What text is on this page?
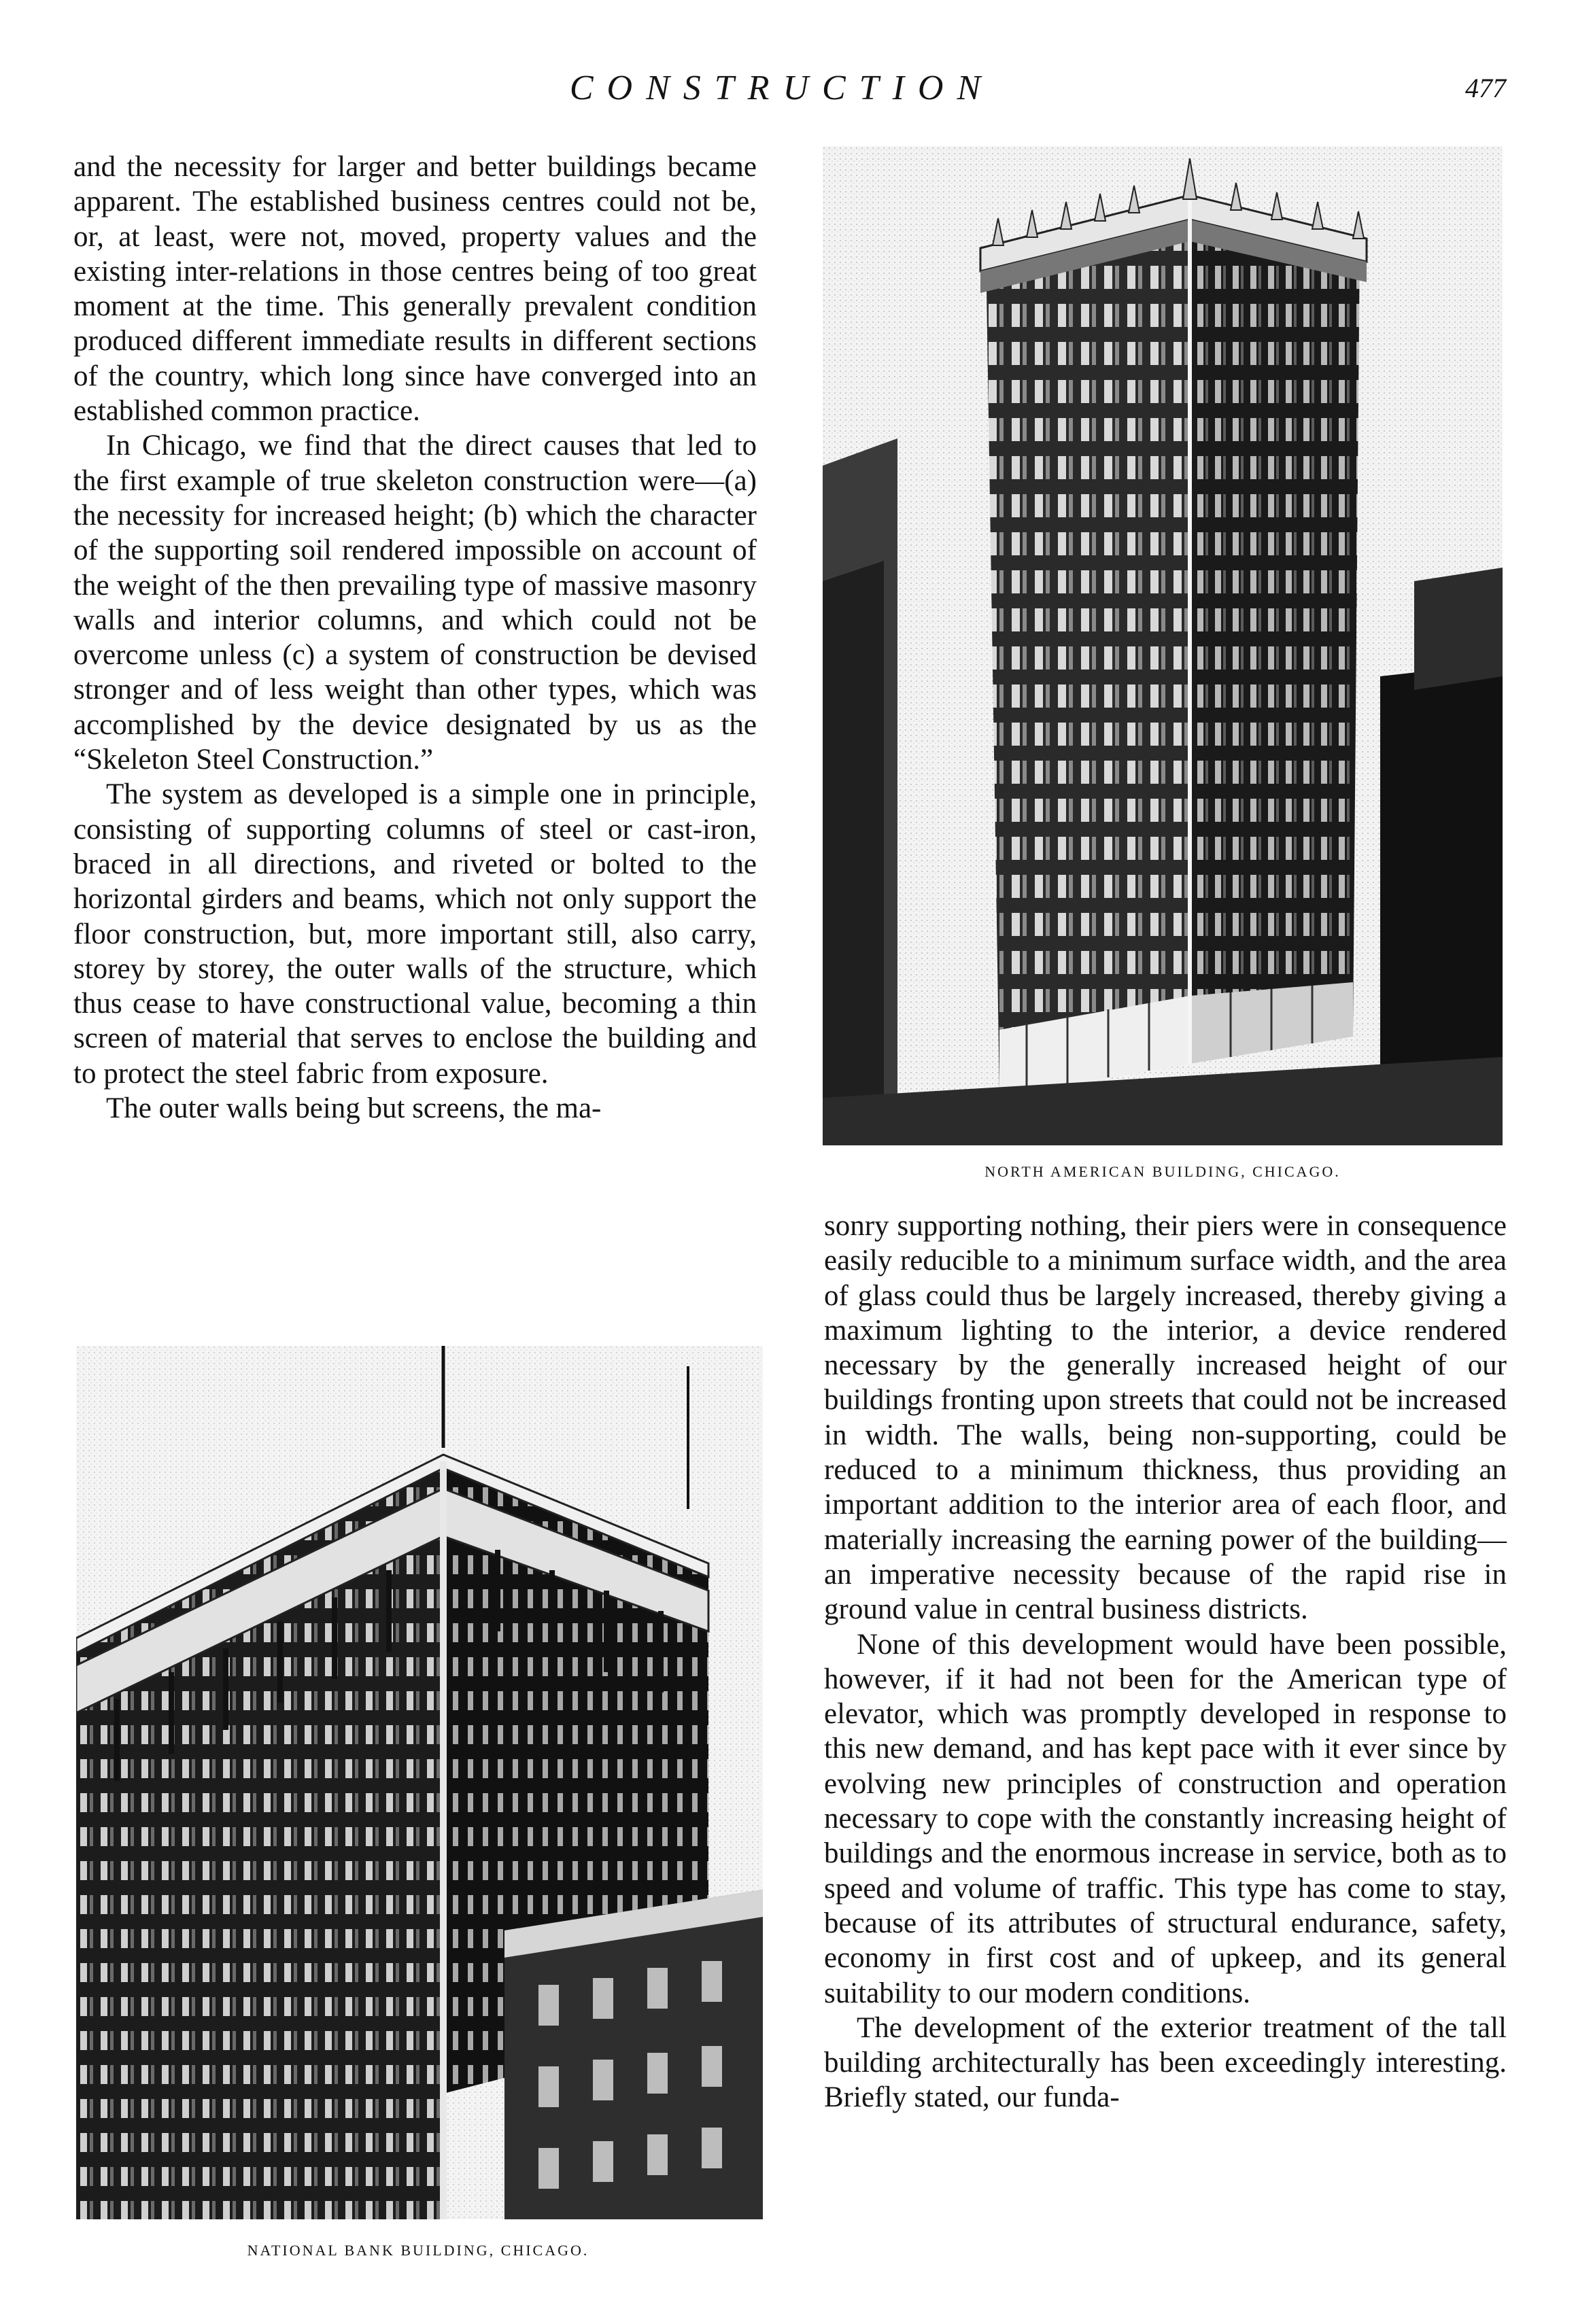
CONSTRUCTION	477

and the necessity for larger and better buildings became apparent. The established business centres could not be, or, at least, were not, moved, property values and the existing inter-relations in those centres being of too great moment at the time. This generally prevalent condition produced different immediate results in different sections of the country, which long since have converged into an established common practice.

In Chicago, we find that the direct causes that led to the first example of true skeleton construction were—(a) the necessity for increased height; (b) which the character of the supporting soil rendered impossible on account of the weight of the then prevailing type of massive masonry walls and interior columns, and which could not be overcome unless (c) a system of construction be devised stronger and of less weight than other types, which was accomplished by the device designated by us as the “Skeleton Steel Construction.”

The system as developed is a simple one in principle, consisting of supporting columns of steel or cast-iron, braced in all directions, and riveted or bolted to the horizontal girders and beams, which not only support the floor construction, but, more important still, also carry, storey by storey, the outer walls of the structure, which thus cease to have constructional value, becoming a thin screen of material that serves to enclose the building and to protect the steel fabric from exposure.

The outer walls being but screens, the ma-

NORTH AMERICAN BUILDING, CHICAGO.

sonry supporting nothing, their piers were in consequence easily reducible to a minimum surface width, and the area of glass could thus be largely increased, thereby giving a maximum lighting to the interior, a device rendered necessary by the generally increased height of our buildings fronting upon streets that could not be increased in width. The walls, being non-supporting, could be reduced to a minimum thickness, thus providing an important addition to the interior area of each floor, and materially increasing the earning power of the building—an imperative necessity because of the rapid rise in ground value in central business districts.

None of this development would have been possible, however, if it had not been for the American type of elevator, which was promptly developed in response to this new demand, and has kept pace with it ever since by evolving new principles of construction and operation necessary to cope with the constantly increasing height of buildings and the enormous increase in service, both as to speed and volume of traffic. This type has come to stay, because of its attributes of structural endurance, safety, economy in first cost and of upkeep, and its general suitability to our modern conditions.

The development of the exterior treatment of the tall building architecturally has been exceedingly interesting. Briefly stated, our funda-

NATIONAL BANK BUILDING, CHICAGO.
